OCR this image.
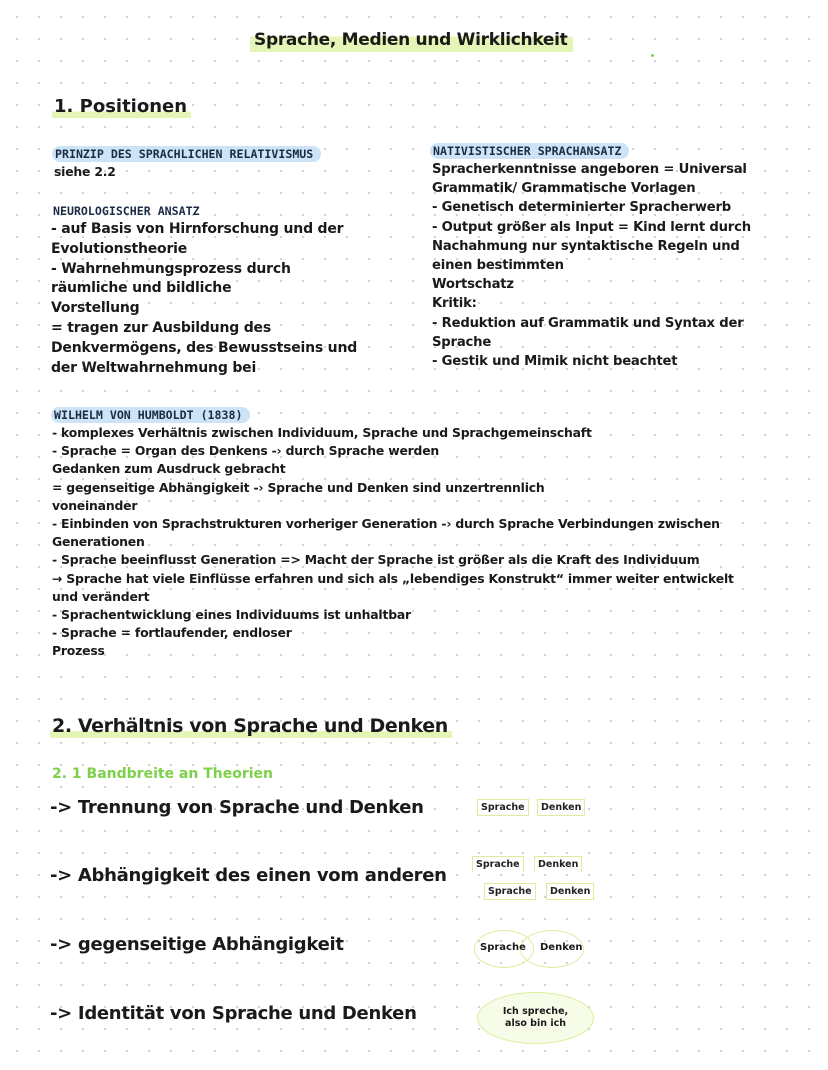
Sprache, Medien und Wirklichkeit
1. Positionen
PRINZIP DES SPRACHLICHEN RELATIVISMUS
siehe 2.2
NEUROLOGISCHER ANSATZ
- auf Basis von Hirnforschung und der
Evolutionstheorie
- Wahrnehmungsprozess durch
räumliche und bildliche
Vorstellung
= tragen zur Ausbildung des
Denkvermögens, des Bewusstseins und
der Weltwahrnehmung bei
NATIVISTISCHER SPRACHANSATZ
Spracherkenntnisse angeboren = Universal
Grammatik/ Grammatische Vorlagen
- Genetisch determinierter Spracherwerb
- Output größer als Input = Kind lernt durch
Nachahmung nur syntaktische Regeln und
einen bestimmten
Wortschatz
Kritik:
- Reduktion auf Grammatik und Syntax der
Sprache
- Gestik und Mimik nicht beachtet
WILHELM VON HUMBOLDT (1838)
- komplexes Verhältnis zwischen Individuum, Sprache und Sprachgemeinschaft
- Sprache = Organ des Denkens -› durch Sprache werden
Gedanken zum Ausdruck gebracht
= gegenseitige Abhängigkeit -› Sprache und Denken sind unzertrennlich
voneinander
- Einbinden von Sprachstrukturen vorheriger Generation -› durch Sprache Verbindungen zwischen
Generationen
- Sprache beeinflusst Generation => Macht der Sprache ist größer als die Kraft des Individuum
→ Sprache hat viele Einflüsse erfahren und sich als „lebendiges Konstrukt“ immer weiter entwickelt
und verändert
- Sprachentwicklung eines Individuums ist unhaltbar
- Sprache = fortlaufender, endloser
Prozess
2. Verhältnis von Sprache und Denken
2. 1 Bandbreite an Theorien
-> Trennung von Sprache und Denken
-> Abhängigkeit des einen vom anderen
-> gegenseitige Abhängigkeit
-> Identität von Sprache und Denken
Sprache	Denken
Sprache	Denken
Sprache	Denken
Sprache Denken
Ich spreche, also bin ich
